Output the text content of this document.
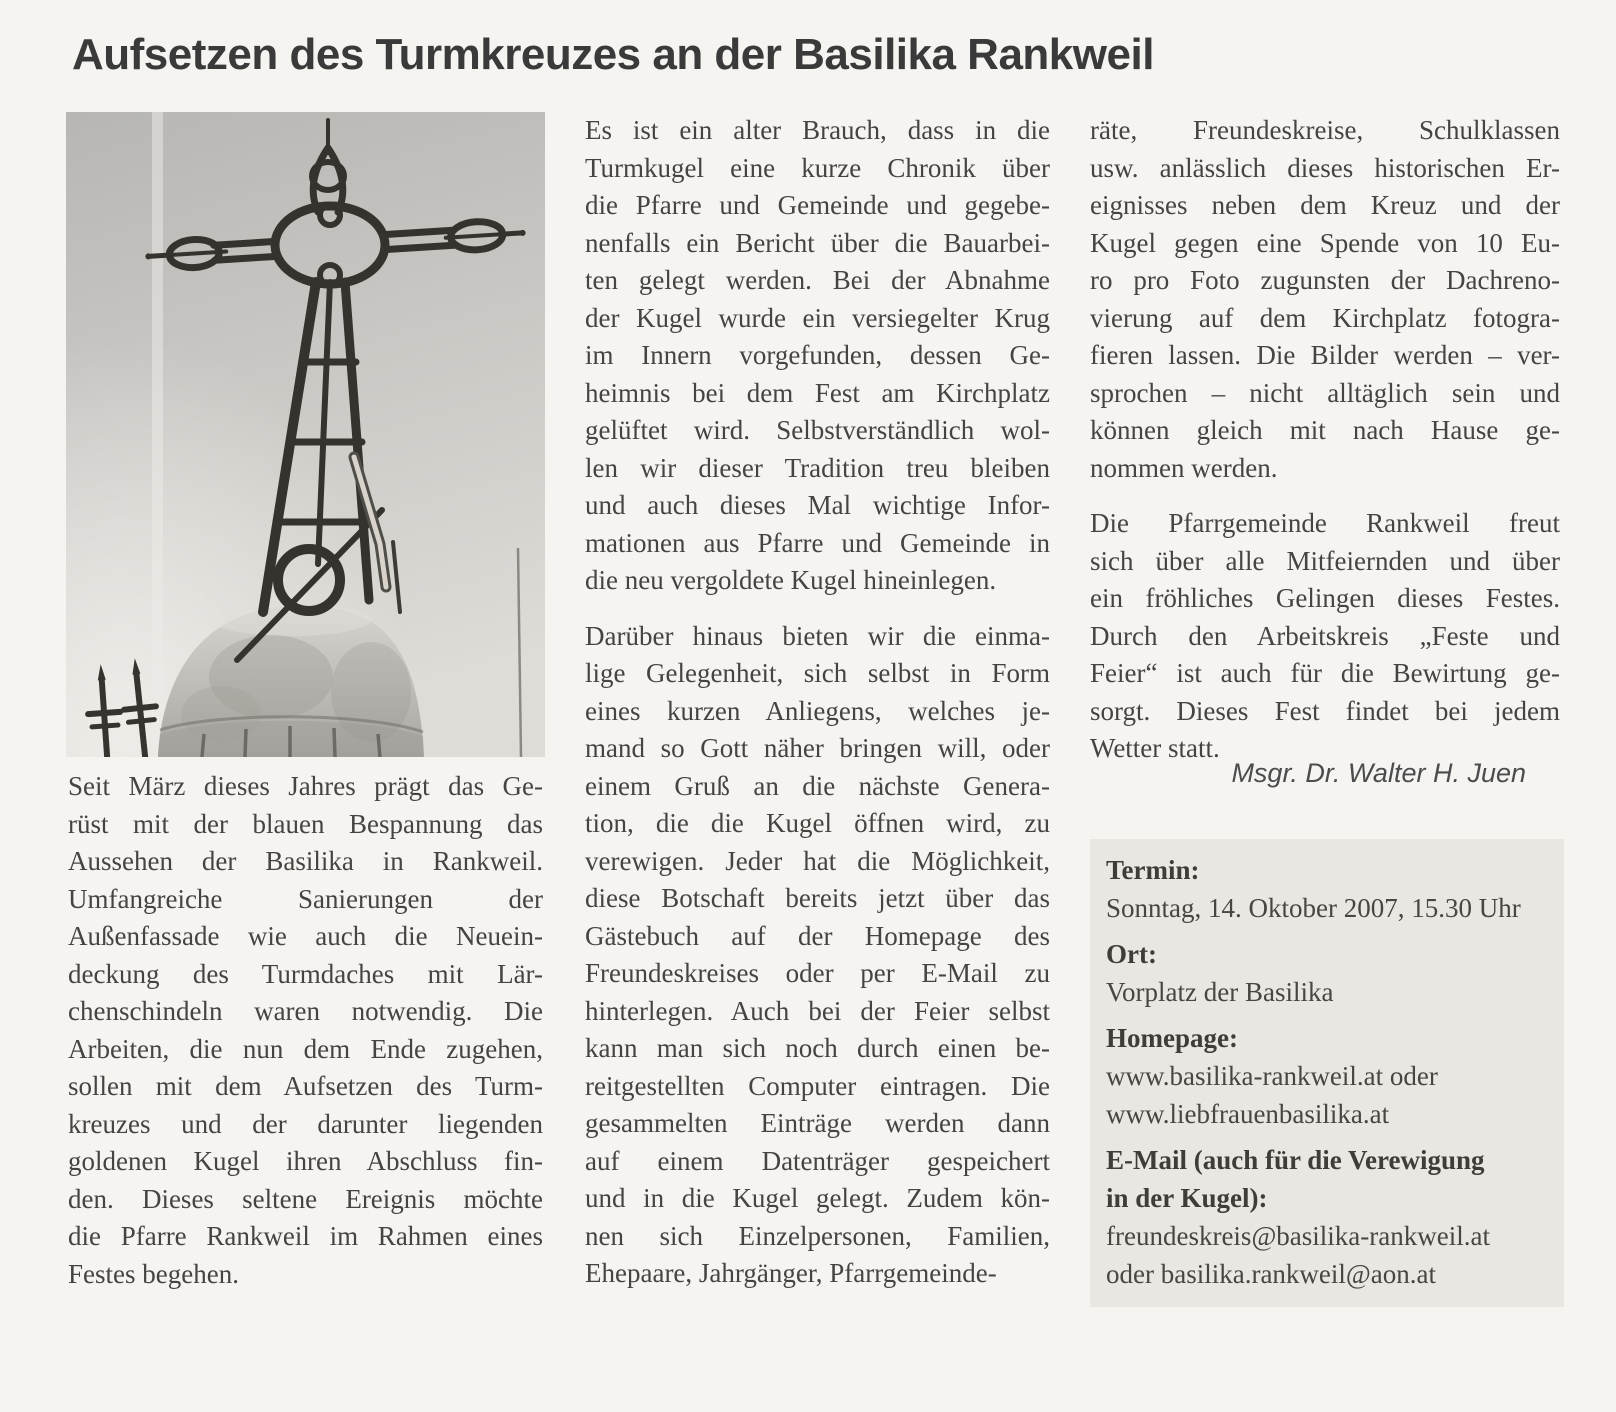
Aufsetzen des Turmkreuzes an der Basilika Rankweil
Seit März dieses Jahres prägt das Ge-
rüst mit der blauen Bespannung das
Aussehen der Basilika in Rankweil.
Umfangreiche Sanierungen der
Außenfassade wie auch die Neuein-
deckung des Turmdaches mit Lär-
chenschindeln waren notwendig. Die
Arbeiten, die nun dem Ende zugehen,
sollen mit dem Aufsetzen des Turm-
kreuzes und der darunter liegenden
goldenen Kugel ihren Abschluss fin-
den. Dieses seltene Ereignis möchte
die Pfarre Rankweil im Rahmen eines
Festes begehen.
Es ist ein alter Brauch, dass in die
Turmkugel eine kurze Chronik über
die Pfarre und Gemeinde und gegebe-
nenfalls ein Bericht über die Bauarbei-
ten gelegt werden. Bei der Abnahme
der Kugel wurde ein versiegelter Krug
im Innern vorgefunden, dessen Ge-
heimnis bei dem Fest am Kirchplatz
gelüftet wird. Selbstverständlich wol-
len wir dieser Tradition treu bleiben
und auch dieses Mal wichtige Infor-
mationen aus Pfarre und Gemeinde in
die neu vergoldete Kugel hineinlegen.
Darüber hinaus bieten wir die einma-
lige Gelegenheit, sich selbst in Form
eines kurzen Anliegens, welches je-
mand so Gott näher bringen will, oder
einem Gruß an die nächste Genera-
tion, die die Kugel öffnen wird, zu
verewigen. Jeder hat die Möglichkeit,
diese Botschaft bereits jetzt über das
Gästebuch auf der Homepage des
Freundeskreises oder per E-Mail zu
hinterlegen. Auch bei der Feier selbst
kann man sich noch durch einen be-
reitgestellten Computer eintragen. Die
gesammelten Einträge werden dann
auf einem Datenträger gespeichert
und in die Kugel gelegt. Zudem kön-
nen sich Einzelpersonen, Familien,
Ehepaare, Jahrgänger, Pfarrgemeinde-
räte, Freundeskreise, Schulklassen
usw. anlässlich dieses historischen Er-
eignisses neben dem Kreuz und der
Kugel gegen eine Spende von 10 Eu-
ro pro Foto zugunsten der Dachreno-
vierung auf dem Kirchplatz fotogra-
fieren lassen. Die Bilder werden – ver-
sprochen – nicht alltäglich sein und
können gleich mit nach Hause ge-
nommen werden.
Die Pfarrgemeinde Rankweil freut
sich über alle Mitfeiernden und über
ein fröhliches Gelingen dieses Festes.
Durch den Arbeitskreis „Feste und
Feier“ ist auch für die Bewirtung ge-
sorgt. Dieses Fest findet bei jedem
Wetter statt.
Msgr. Dr. Walter H. Juen
Termin:
Sonntag, 14. Oktober 2007, 15.30 Uhr
Ort:
Vorplatz der Basilika
Homepage:
www.basilika-rankweil.at oder
www.liebfrauenbasilika.at
E-Mail (auch für die Verewigung
in der Kugel):
freundeskreis@basilika-rankweil.at
oder basilika.rankweil@aon.at
